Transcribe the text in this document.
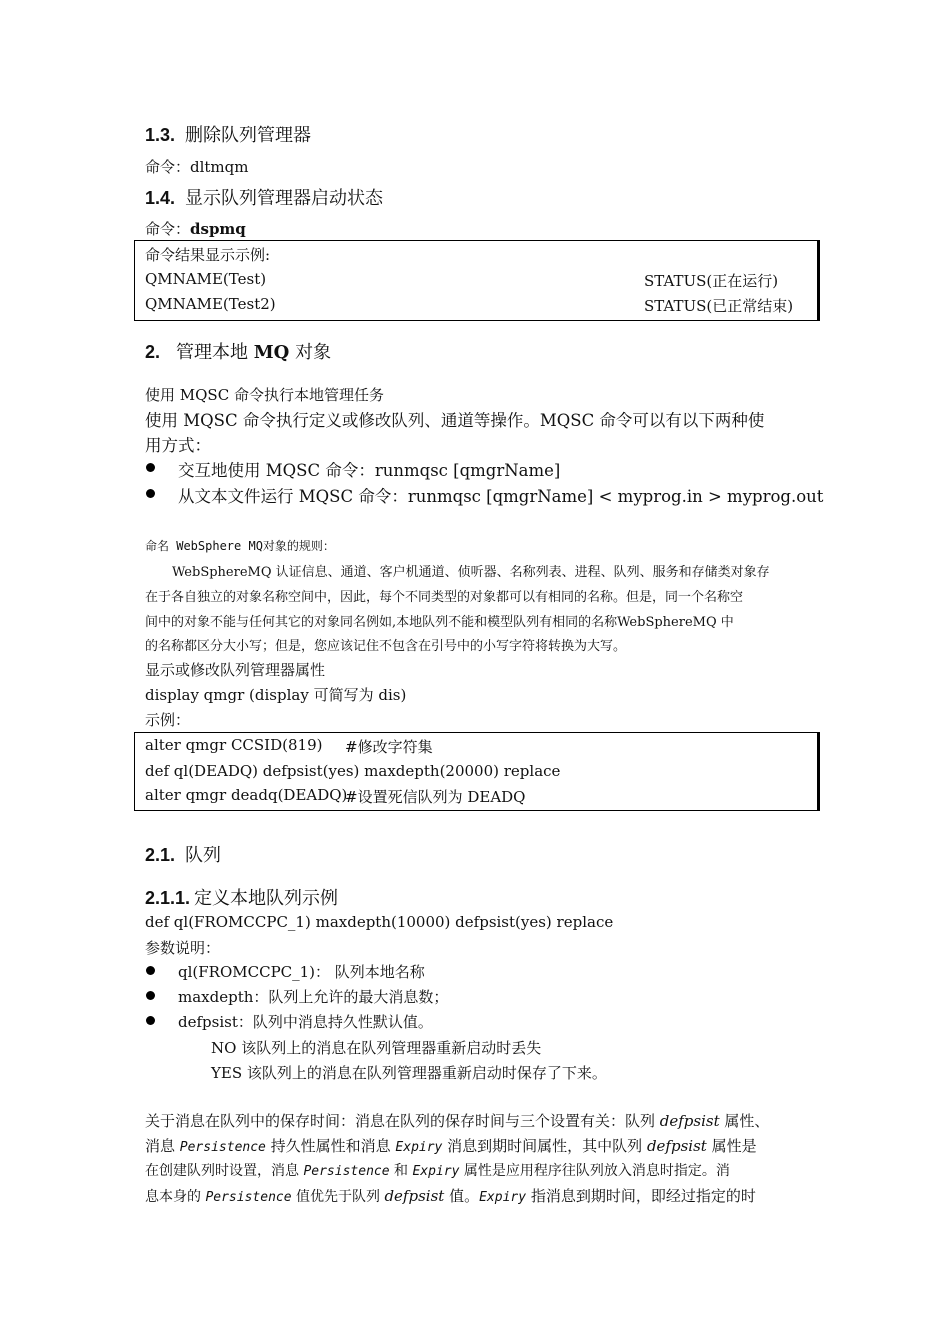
1.3. 删除队列管理器
命令：dltmqm
1.4. 显示队列管理器启动状态
命令：dspmq
命令结果显示示例:
QMNAME(Test)	STATUS(正在运行)
QMNAME(Test2)	STATUS(已正常结束)
2. 管理本地 MQ 对象
使用 MQSC 命令执行本地管理任务
使用 MQSC 命令执行定义或修改队列、通道等操作。MQSC 命令可以有以下两种使
用方式：
交互地使用 MQSC 命令：runmqsc [qmgrName]
从文本文件运行 MQSC 命令：runmqsc [qmgrName] < myprog.in > myprog.out
命名 WebSphere MQ对象的规则：
WebSphereMQ 认证信息、通道、客户机通道、侦听器、名称列表、进程、队列、服务和存储类对象存
在于各自独立的对象名称空间中，因此，每个不同类型的对象都可以有相同的名称。但是，同一个名称空
间中的对象不能与任何其它的对象同名例如,本地队列不能和模型队列有相同的名称WebSphereMQ 中
的名称都区分大小写；但是，您应该记住不包含在引号中的小写字符将转换为大写。
显示或修改队列管理器属性
display qmgr (display 可简写为 dis)
示例：
alter qmgr CCSID(819) #修改字符集
def ql(DEADQ) defpsist(yes) maxdepth(20000) replace
alter qmgr deadq(DEADQ)
#设置死信队列为 DEADQ
2.1. 队列
2.1.1. 定义本地队列示例
def ql(FROMCCPC_1) maxdepth(10000) defpsist(yes) replace
参数说明：
ql(FROMCCPC_1)： 队列本地名称
maxdepth：队列上允许的最大消息数；
defpsist：队列中消息持久性默认值。
NO 该队列上的消息在队列管理器重新启动时丢失
YES 该队列上的消息在队列管理器重新启动时保存了下来。
关于消息在队列中的保存时间：消息在队列的保存时间与三个设置有关：队列 defpsist 属性、
消息 Persistence 持久性属性和消息 Expiry 消息到期时间属性，其中队列 defpsist 属性是
在创建队列时设置，消息 Persistence 和 Expiry 属性是应用程序往队列放入消息时指定。消
息本身的 Persistence 值优先于队列 defpsist 值。Expiry 指消息到期时间，即经过指定的时
